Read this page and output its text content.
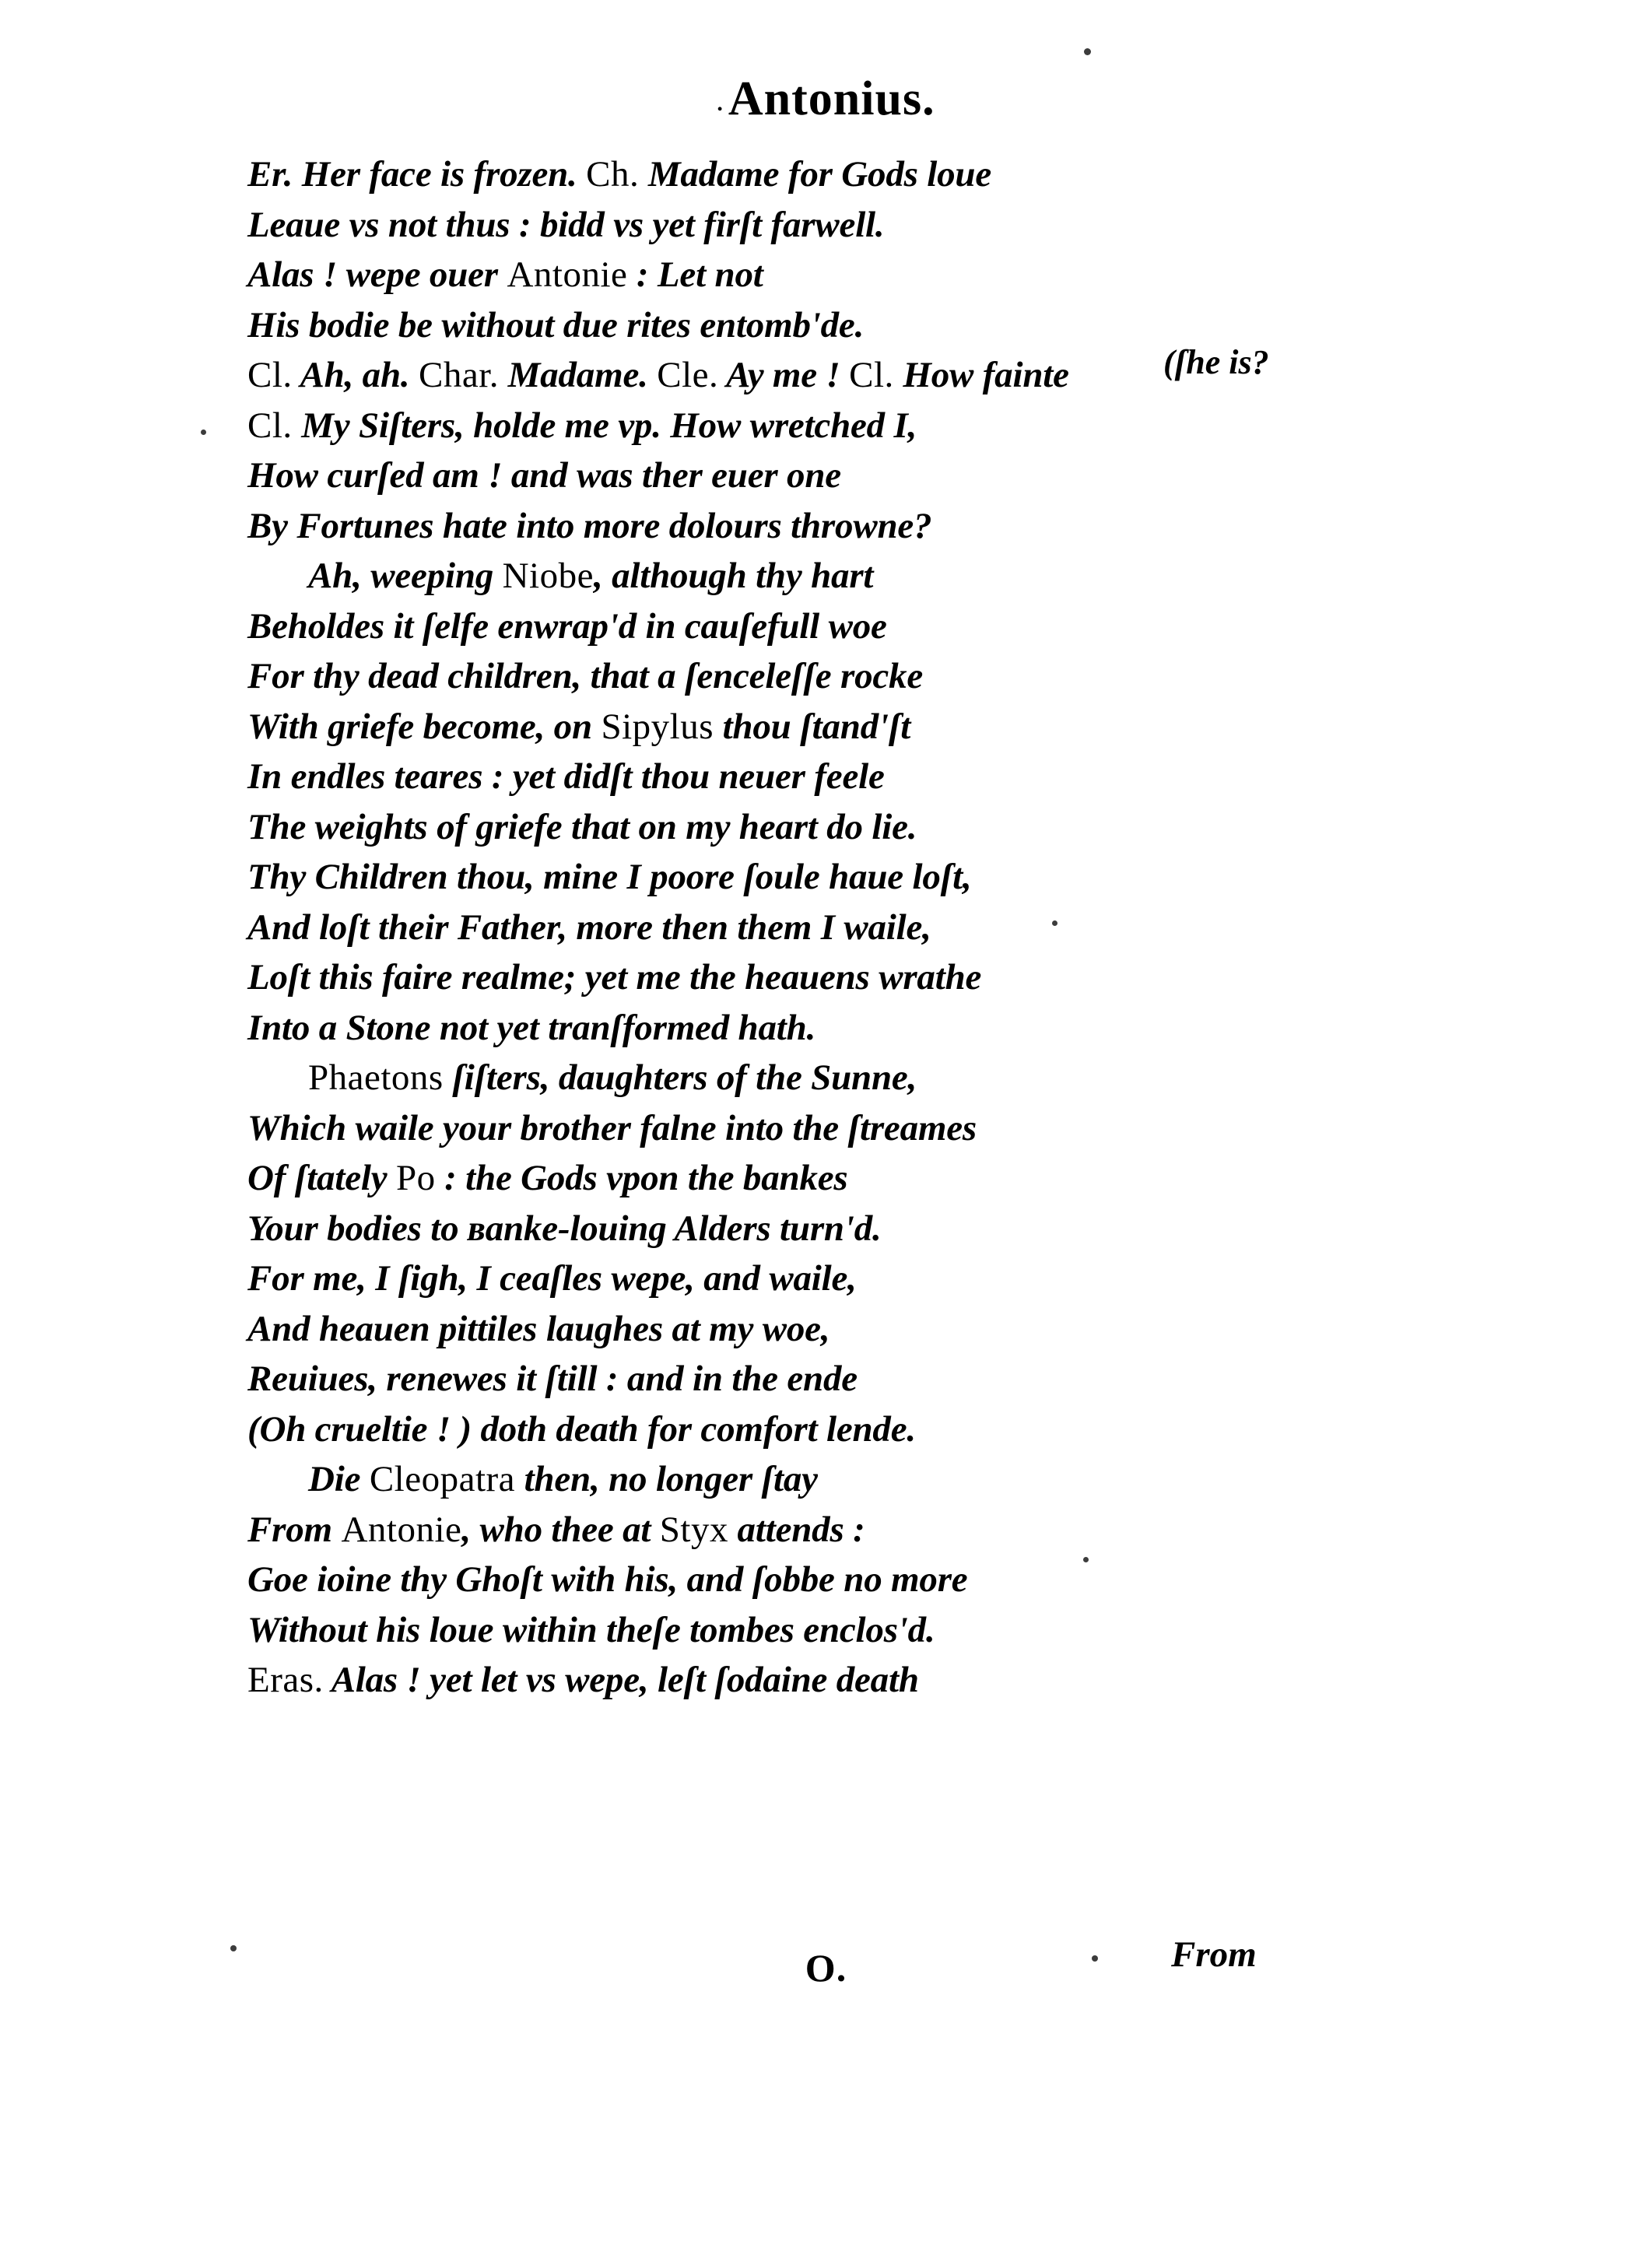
.Antonius.
Er. Her face is frozen. Ch. Madame for Gods loue
Leaue vs not thus : bidd vs yet firſt farwell.
Alas ! wepe ouer Antonie : Let not
His bodie be without due rites entomb'de.
Cl. Ah, ah. Char. Madame. Cle. Ay me ! Cl. How fainte
Cl. My Siſters, holde me vp. How wretched I,
How curſed am ! and was ther euer one
By Fortunes hate into more dolours throwne?
Ah, weeping Niobe, although thy hart
Beholdes it ſelfe enwrap'd in cauſefull woe
For thy dead children, that a ſenceleſſe rocke
With griefe become, on Sipylus thou ſtand'ſt
In endles teares : yet didſt thou neuer feele
The weights of griefe that on my heart do lie.
Thy Children thou, mine I poore ſoule haue loſt,
And loſt their Father, more then them I waile,
Loſt this faire realme; yet me the heauens wrathe
Into a Stone not yet tranſformed hath.
Phaetons ſiſters, daughters of the Sunne,
Which waile your brother falne into the ſtreames
Of ſtately Po : the Gods vpon the bankes
Your bodies to ʙanke-louing Alders turn'd.
For me, I ſigh, I ceaſles wepe, and waile,
And heauen pittiles laughes at my woe,
Reuiues, renewes it ſtill : and in the ende
(Oh crueltie ! ) doth death for comfort lende.
Die Cleopatra then, no longer ſtay
From Antonie, who thee at Styx attends :
Goe ioine thy Ghoſt with his, and ſobbe no more
Without his loue within theſe tombes enclos'd.
Eras. Alas ! yet let vs wepe, leſt ſodaine death
(ſhe is?
From
O.
